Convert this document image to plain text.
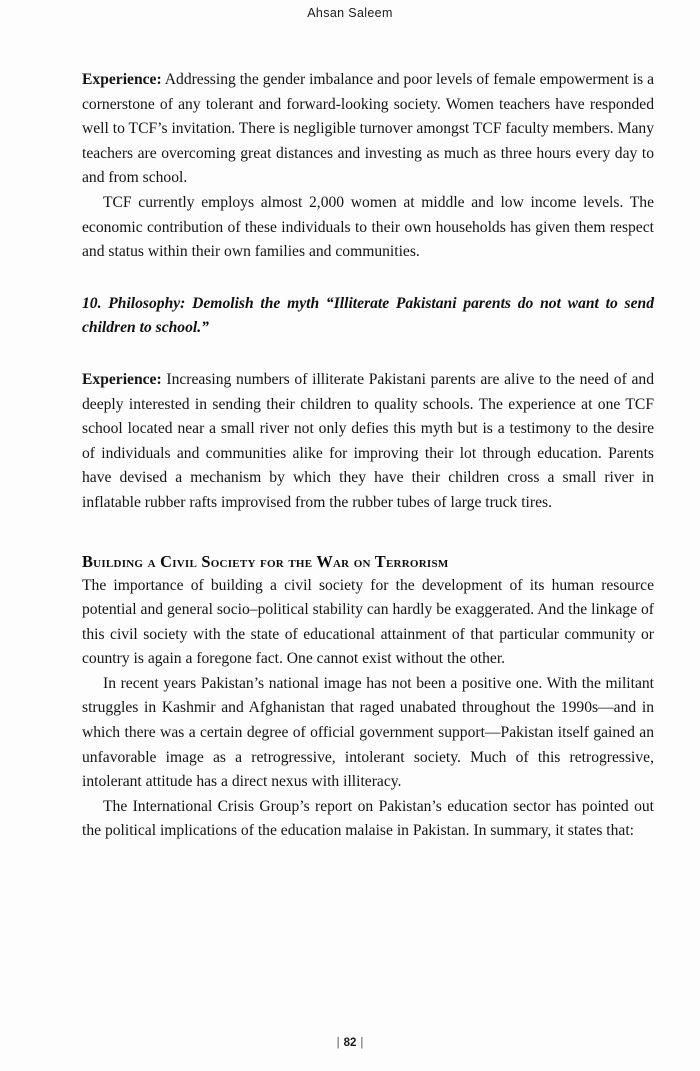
Ahsan Saleem

Experience: Addressing the gender imbalance and poor levels of female empowerment is a cornerstone of any tolerant and forward-looking society. Women teachers have responded well to TCF’s invitation. There is negligible turnover amongst TCF faculty members. Many teachers are overcoming great distances and investing as much as three hours every day to and from school.

TCF currently employs almost 2,000 women at middle and low income levels. The economic contribution of these individuals to their own households has given them respect and status within their own families and communities.

10. Philosophy: Demolish the myth “Illiterate Pakistani parents do not want to send children to school.”

Experience: Increasing numbers of illiterate Pakistani parents are alive to the need of and deeply interested in sending their children to quality schools. The experience at one TCF school located near a small river not only defies this myth but is a testimony to the desire of individuals and communities alike for improving their lot through education. Parents have devised a mechanism by which they have their children cross a small river in inflatable rubber rafts improvised from the rubber tubes of large truck tires.

Building a Civil Society for the War on Terrorism

The importance of building a civil society for the development of its human resource potential and general socio–political stability can hardly be exaggerated. And the linkage of this civil society with the state of educational attainment of that particular community or country is again a foregone fact. One cannot exist without the other.

In recent years Pakistan’s national image has not been a positive one. With the militant struggles in Kashmir and Afghanistan that raged unabated throughout the 1990s—and in which there was a certain degree of official government support—Pakistan itself gained an unfavorable image as a retrogressive, intolerant society. Much of this retrogressive, intolerant attitude has a direct nexus with illiteracy.

The International Crisis Group’s report on Pakistan’s education sector has pointed out the political implications of the education malaise in Pakistan. In summary, it states that:

| 82 |
